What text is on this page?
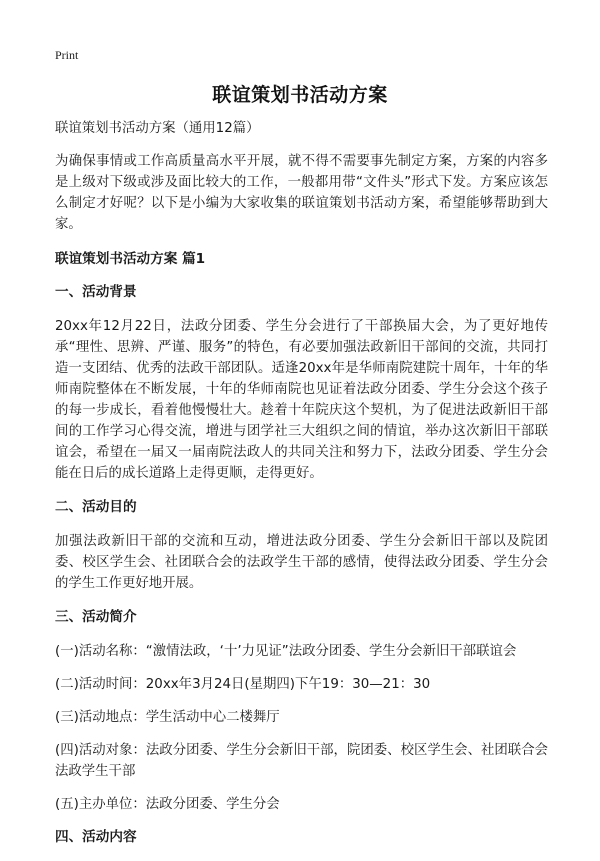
Print
联谊策划书活动方案

联谊策划书活动方案（通用12篇）

为确保事情或工作高质量高水平开展，就不得不需要事先制定方案，方案的内容多是上级对下级或涉及面比较大的工作，一般都用带“文件头”形式下发。方案应该怎么制定才好呢？以下是小编为大家收集的联谊策划书活动方案，希望能够帮助到大家。

联谊策划书活动方案 篇1

一、活动背景

20xx年12月22日，法政分团委、学生分会进行了干部换届大会，为了更好地传承“理性、思辨、严谨、服务”的特色，有必要加强法政新旧干部间的交流，共同打造一支团结、优秀的法政干部团队。适逢20xx年是华师南院建院十周年，十年的华师南院整体在不断发展，十年的华师南院也见证着法政分团委、学生分会这个孩子的每一步成长，看着他慢慢壮大。趁着十年院庆这个契机，为了促进法政新旧干部间的工作学习心得交流，增进与团学社三大组织之间的情谊，举办这次新旧干部联谊会，希望在一届又一届南院法政人的共同关注和努力下，法政分团委、学生分会能在日后的成长道路上走得更顺，走得更好。

二、活动目的

加强法政新旧干部的交流和互动，增进法政分团委、学生分会新旧干部以及院团委、校区学生会、社团联合会的法政学生干部的感情，使得法政分团委、学生分会的学生工作更好地开展。

三、活动简介

(一)活动名称：“激情法政，‘十’力见证”法政分团委、学生分会新旧干部联谊会

(二)活动时间：20xx年3月24日(星期四)下午19：30—21：30

(三)活动地点：学生活动中心二楼舞厅

(四)活动对象：法政分团委、学生分会新旧干部，院团委、校区学生会、社团联合会法政学生干部

(五)主办单位：法政分团委、学生分会

四、活动内容
